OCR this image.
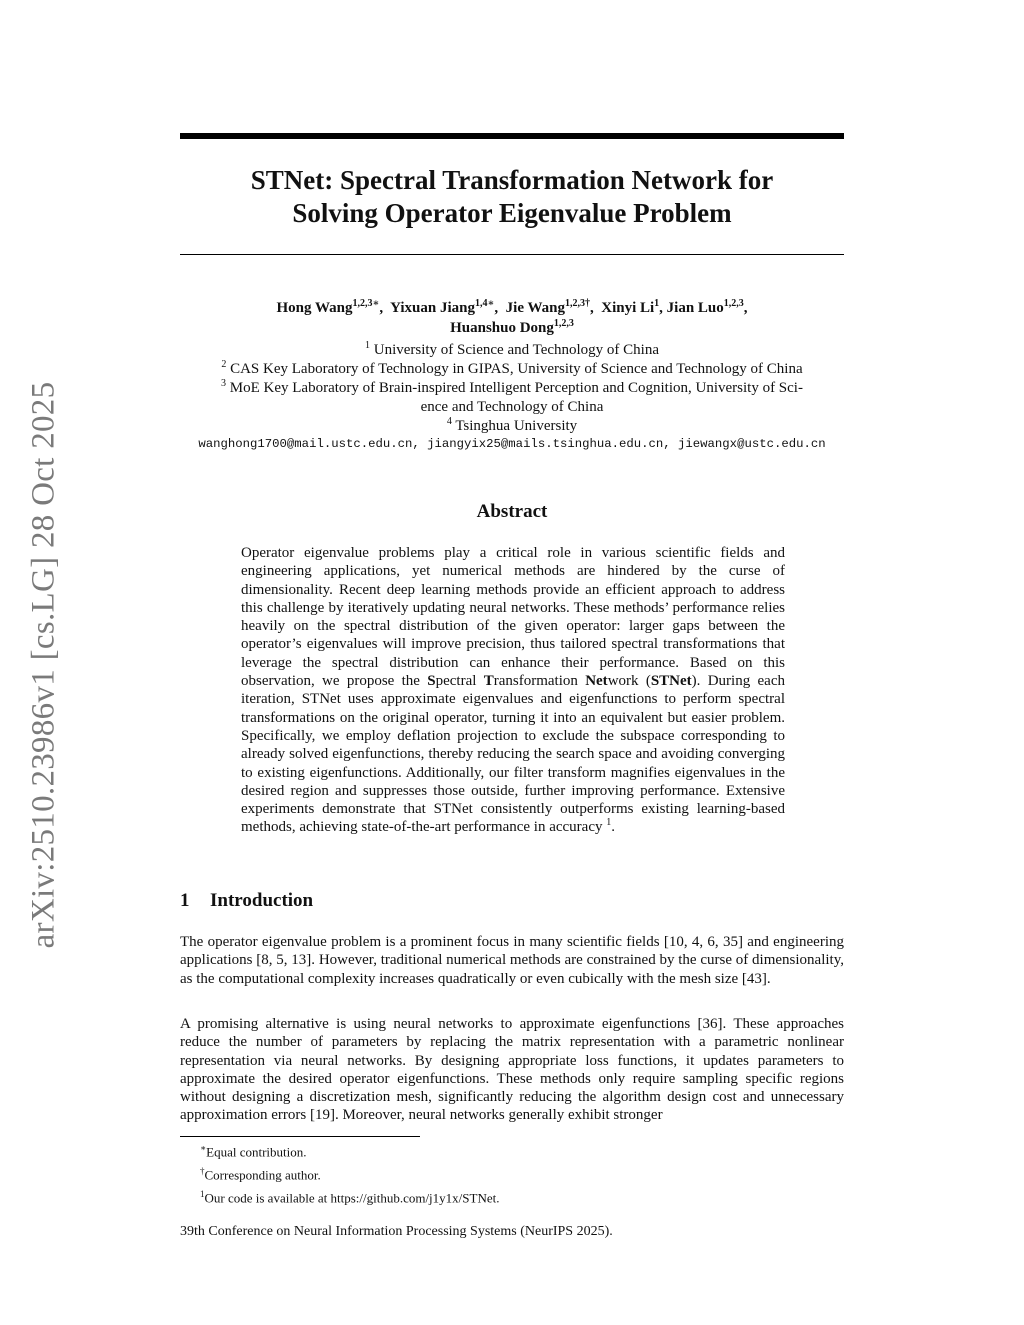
arXiv:2510.23986v1 [cs.LG] 28 Oct 2025
STNet: Spectral Transformation Network for
Solving Operator Eigenvalue Problem
Hong Wang$^{1,2,3∗}$,  Yixuan Jiang$^{1,4∗}$,  Jie Wang$^{1,2,3\dagger}$,  Xinyi Li$^1$, Jian Luo$^{1,2,3}$,
Huanshuo Dong$^{1,2,3}$
$^1$ University of Science and Technology of China
$^2$ CAS Key Laboratory of Technology in GIPAS, University of Science and Technology of China
$^3$ MoE Key Laboratory of Brain-inspired Intelligent Perception and Cognition, University of Sci-
ence and Technology of China
$^4$ Tsinghua University
wanghong1700@mail.ustc.edu.cn, jiangyix25@mails.tsinghua.edu.cn, jiewangx@ustc.edu.cn
Abstract

Operator eigenvalue problems play a critical role in various scientific fields and engineering applications, yet numerical methods are hindered by the curse of dimensionality. Recent deep learning methods provide an efficient approach to address this challenge by iteratively updating neural networks. These methods’ performance relies heavily on the spectral distribution of the given operator: larger gaps between the operator’s eigenvalues will improve precision, thus tailored spectral transformations that leverage the spectral distribution can enhance their performance. Based on this observation, we propose the Spectral Transformation Network (STNet). During each iteration, STNet uses approximate eigenvalues and eigenfunctions to perform spectral transformations on the original operator, turning it into an equivalent but easier problem. Specifically, we employ deflation projection to exclude the subspace corresponding to already solved eigenfunctions, thereby reducing the search space and avoiding converging to existing eigenfunctions. Additionally, our filter transform magnifies eigenvalues in the desired region and suppresses those outside, further improving performance. Extensive experiments demonstrate that STNet consistently outperforms existing learning-based methods, achieving state-of-the-art performance in accuracy $^1$.

1 Introduction

The operator eigenvalue problem is a prominent focus in many scientific fields [10, 4, 6, 35] and engineering applications [8, 5, 13]. However, traditional numerical methods are constrained by the curse of dimensionality, as the computational complexity increases quadratically or even cubically with the mesh size [43].

A promising alternative is using neural networks to approximate eigenfunctions [36]. These approaches reduce the number of parameters by replacing the matrix representation with a parametric nonlinear representation via neural networks. By designing appropriate loss functions, it updates parameters to approximate the desired operator eigenfunctions. These methods only require sampling specific regions without designing a discretization mesh, significantly reducing the algorithm design cost and unnecessary approximation errors [19]. Moreover, neural networks generally exhibit stronger

∗Equal contribution.
†Corresponding author.
$^1$Our code is available at https://github.com/j1y1x/STNet.
39th Conference on Neural Information Processing Systems (NeurIPS 2025).
